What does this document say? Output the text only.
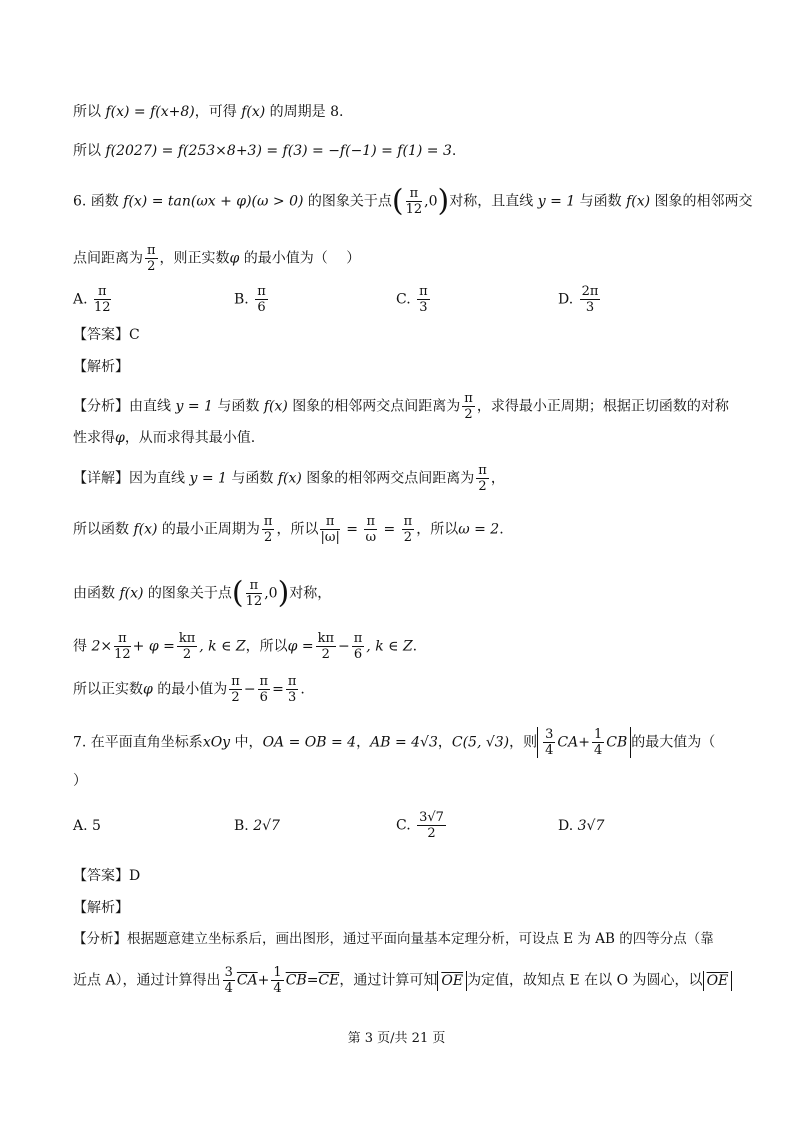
所以 f(x) = f(x+8)，可得 f(x) 的周期是 8.
所以 f(2027) = f(253×8+3) = f(3) = −f(−1) = f(1) = 3.
6. 函数 f(x) = tan(ωx + φ)(ω > 0) 的图象关于点( $\frac{\pi}{12} ,0$)对称，且直线 y = 1 与函数 f(x) 图象的相邻两交
点间距离为 $\frac{\pi}{2}$ ，则正实数φ 的最小值为（　 ）
A. $\frac{\pi}{12}$	B. $\frac{\pi}{6}$	C. $\frac{\pi}{3}$	D. $\frac{2\pi}{3}$
【答案】C
【解析】
【分析】由直线 y = 1 与函数 f(x) 图象的相邻两交点间距离为 $\frac{\pi}{2}$ ，求得最小正周期；根据正切函数的对称
性求得φ，从而求得其最小值.
【详解】因为直线 y = 1 与函数 f(x) 图象的相邻两交点间距离为 $\frac{\pi}{2}$ ，
所以函数 f(x) 的最小正周期为 $\frac{\pi}{2}$ ，所以 $\frac{\pi}{|\omega|} = \frac{\pi}{\omega} = \frac{\pi}{2}$ ，所以ω = 2.
由函数 f(x) 的图象关于点( $\frac{\pi}{12} ,0$)对称，
得 $2\times \frac{\pi}{12} + \varphi = \frac{k\pi}{2}$ , k ∈ Z，所以$\varphi = \frac{k\pi}{2} - \frac{\pi}{6}$ , k ∈ Z.
所以正实数φ 的最小值为 $\frac{\pi}{2} - \frac{\pi}{6} = \frac{\pi}{3}$ .
7. 在平面直角坐标系xOy 中，OA = OB = 4，AB = 4√3，C(5, √3)，则 $\frac{3}{4} CA+ \frac{1}{4}$ CB 的最大值为（
）
A. 5	B. 2√7	C. $\frac{3√7}{2}$	D. 3√7
【答案】D
【解析】
【分析】根据题意建立坐标系后，画出图形，通过平面向量基本定理分析，可设点 E 为 AB 的四等分点（靠
近点 A），通过计算得出 $\frac{3}{4} \overline{CA}+ \frac{1}{4} \overline{CB}=\overline{CE}$，通过计算可知 $\overline{OE}$ 为定值，故知点 E 在以 O 为圆心，以 $\overline{OE}$
第 3 页/共 21 页
